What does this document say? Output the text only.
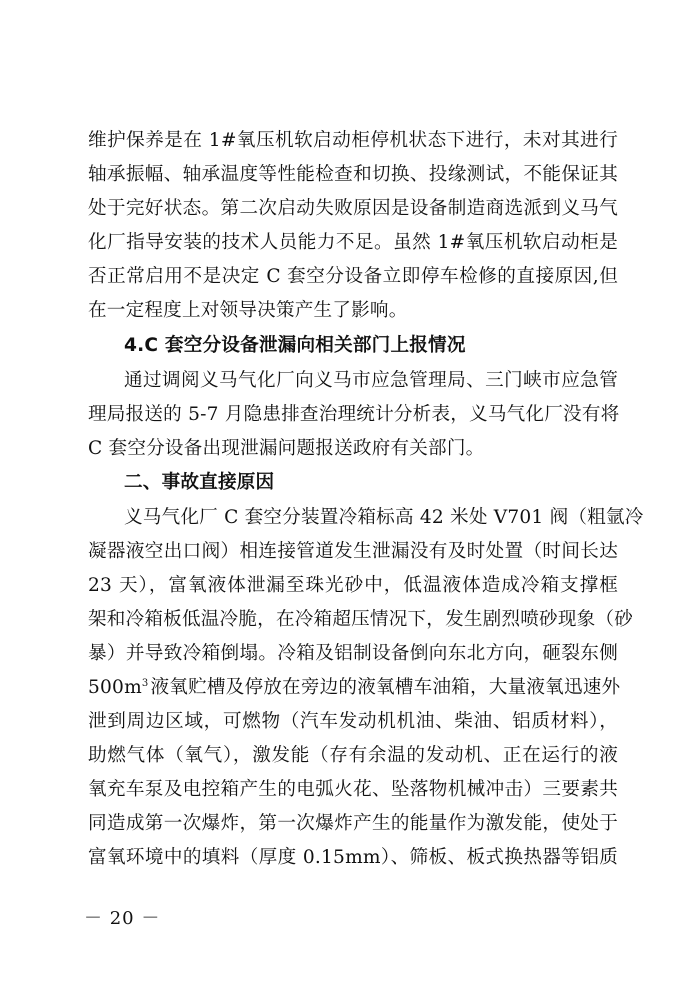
维护保养是在 1#氧压机软启动柜停机状态下进行，未对其进行
轴承振幅、轴承温度等性能检查和切换、投缘测试，不能保证其
处于完好状态。第二次启动失败原因是设备制造商选派到义马气
化厂指导安装的技术人员能力不足。虽然 1#氧压机软启动柜是
否正常启用不是决定 C 套空分设备立即停车检修的直接原因,但
在一定程度上对领导决策产生了影响。
4.C 套空分设备泄漏向相关部门上报情况
通过调阅义马气化厂向义马市应急管理局、三门峡市应急管
理局报送的 5-7 月隐患排查治理统计分析表，义马气化厂没有将
C 套空分设备出现泄漏问题报送政府有关部门。
二、事故直接原因
义马气化厂 C 套空分装置冷箱标高 42 米处 V701 阀（粗氩冷
凝器液空出口阀）相连接管道发生泄漏没有及时处置（时间长达
23 天），富氧液体泄漏至珠光砂中，低温液体造成冷箱支撑框
架和冷箱板低温冷脆，在冷箱超压情况下，发生剧烈喷砂现象（砂
暴）并导致冷箱倒塌。冷箱及铝制设备倒向东北方向，砸裂东侧
$500m^3$ 液氧贮槽及停放在旁边的液氧槽车油箱，大量液氧迅速外
泄到周边区域，可燃物（汽车发动机机油、柴油、铝质材料），
助燃气体（氧气），激发能（存有余温的发动机、正在运行的液
氧充车泵及电控箱产生的电弧火花、坠落物机械冲击）三要素共
同造成第一次爆炸，第一次爆炸产生的能量作为激发能，使处于
富氧环境中的填料（厚度 0.15mm）、筛板、板式换热器等铝质
－ 20 －
